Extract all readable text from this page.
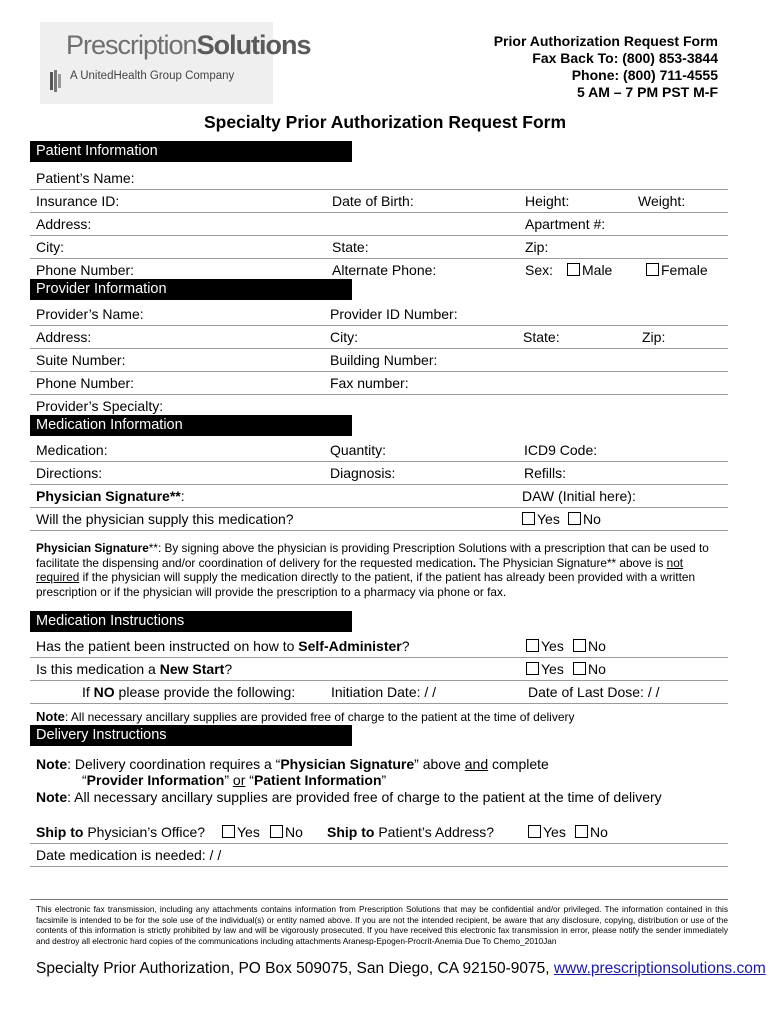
PrescriptionSolutions
A UnitedHealth Group Company
Prior Authorization Request Form
Fax Back To: (800) 853-3844
Phone: (800) 711-4555
5 AM – 7 PM PST M-F
Specialty Prior Authorization Request Form
Patient Information
Patient’s Name:
Insurance ID:	Date of Birth:	Height:	Weight:
Address:	Apartment #:
City:	State:	Zip:
Phone Number:	Alternate Phone:	Sex:	Male	Female
Provider Information
Provider’s Name:	Provider ID Number:
Address:	City:	State:	Zip:
Suite Number:	Building Number:
Phone Number:	Fax number:
Provider’s Specialty:
Medication Information
Medication:	Quantity:	ICD9 Code:
Directions:	Diagnosis:	Refills:
Physician Signature**:	DAW (Initial here):
Will the physician supply this medication?	Yes	No
Physician Signature**: By signing above the physician is providing Prescription Solutions with a prescription that can be used to facilitate the dispensing and/or coordination of delivery for the requested medication. The Physician Signature** above is not required if the physician will supply the medication directly to the patient, if the patient has already been provided with a written prescription or if the physician will provide the prescription to a pharmacy via phone or fax.
Medication Instructions
Has the patient been instructed on how to Self-Administer?	Yes	No
Is this medication a New Start?	Yes	No
If NO please provide the following:	Initiation Date: / /	Date of Last Dose: / /
Note: All necessary ancillary supplies are provided free of charge to the patient at the time of delivery
Delivery Instructions
Note: Delivery coordination requires a “Physician Signature” above and complete
“Provider Information” or “Patient Information”
Note: All necessary ancillary supplies are provided free of charge to the patient at the time of delivery
Ship to Physician’s Office?	Yes	No Ship to Patient’s Address?	Yes	No
Date medication is needed: / /
This electronic fax transmission, including any attachments contains information from Prescription Solutions that may be confidential and/or privileged. The information contained in this facsimile is intended to be for the sole use of the individual(s) or entity named above. If you are not the intended recipient, be aware that any disclosure, copying, distribution or use of the contents of this information is strictly prohibited by law and will be vigorously prosecuted. If you have received this electronic fax transmission in error, please notify the sender immediately and destroy all electronic hard copies of the communications including attachments Aranesp-Epogen-Procrit-Anemia Due To Chemo_2010Jan
Specialty Prior Authorization, PO Box 509075, San Diego, CA 92150-9075, www.prescriptionsolutions.com
